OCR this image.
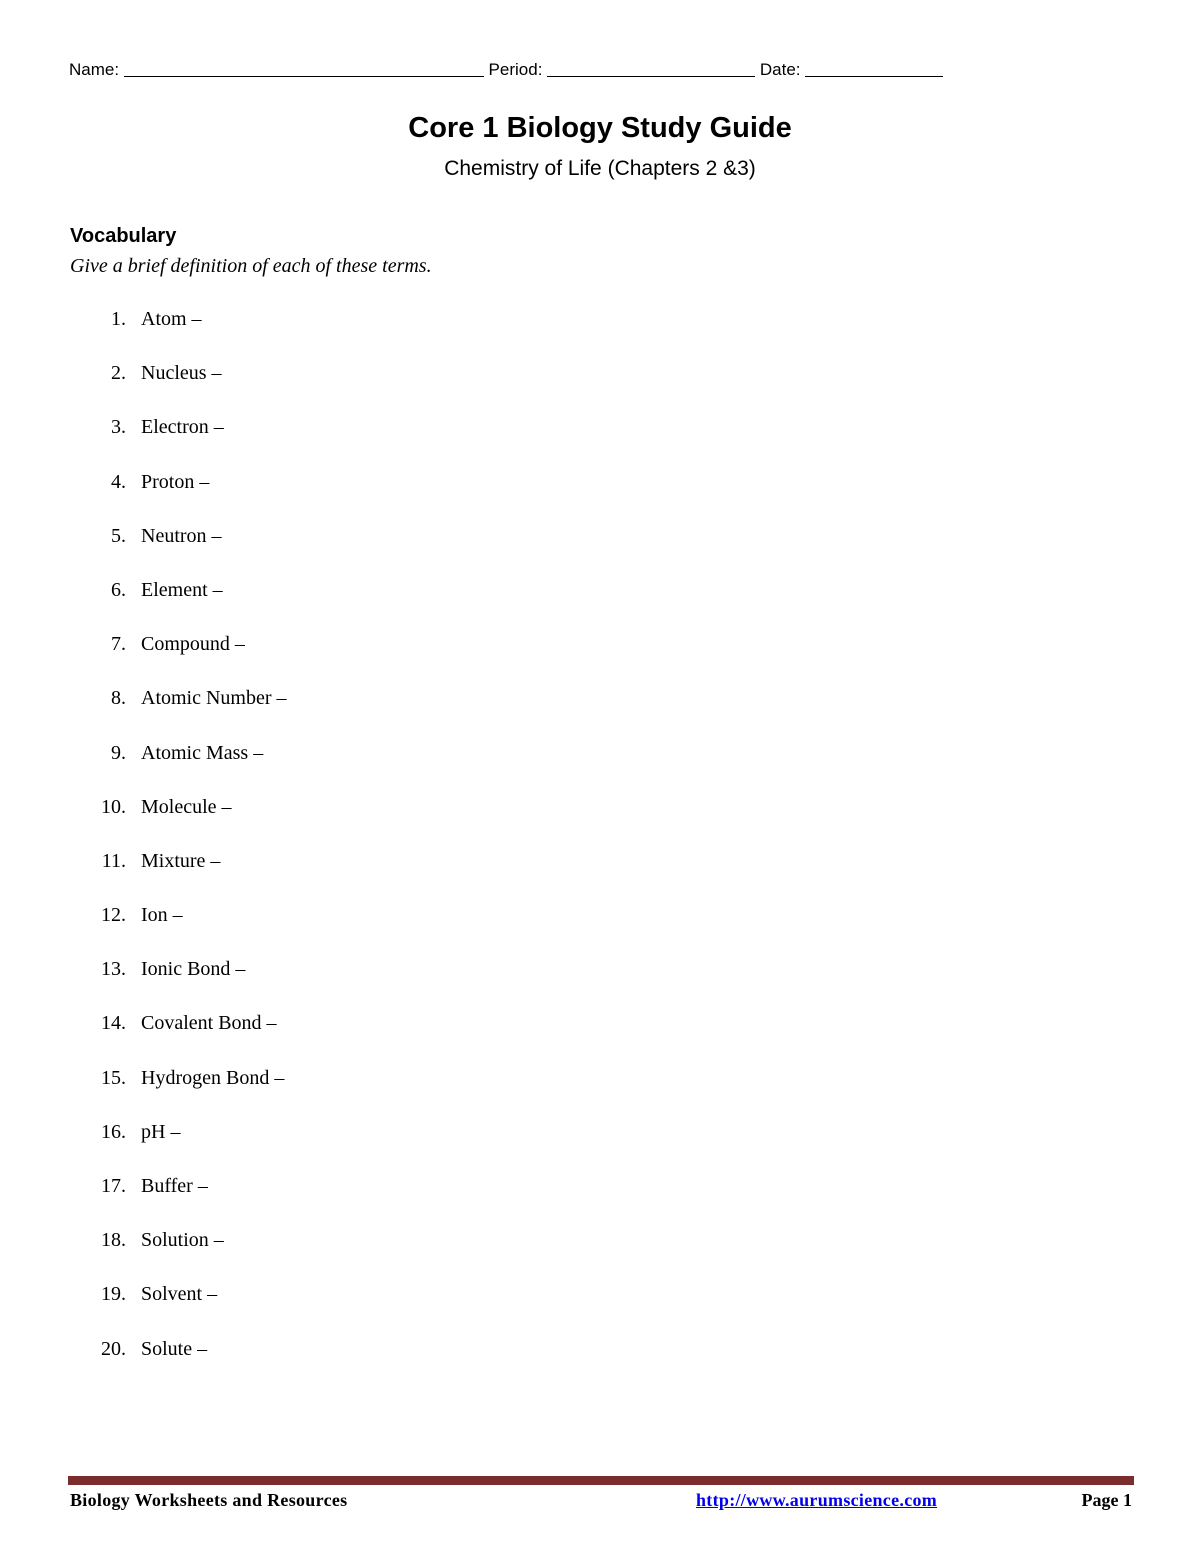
Name:	Period:	Date:
Core 1 Biology Study Guide
Chemistry of Life (Chapters 2 &3)
Vocabulary
Give a brief definition of each of these terms.
1. Atom –
2. Nucleus –
3. Electron –
4. Proton –
5. Neutron –
6. Element –
7. Compound –
8. Atomic Number –
9. Atomic Mass –
10. Molecule –
11. Mixture –
12. Ion –
13. Ionic Bond –
14. Covalent Bond –
15. Hydrogen Bond –
16. pH –
17. Buffer –
18. Solution –
19. Solvent –
20. Solute –
Biology Worksheets and Resources	http://www.aurumscience.com	Page 1
